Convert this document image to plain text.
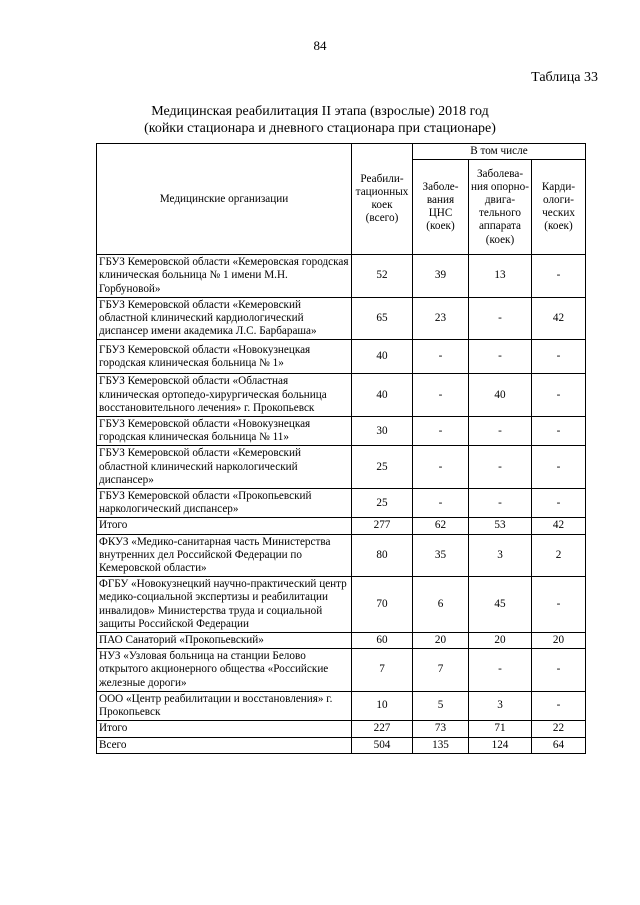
84
Таблица 33
Медицинская реабилитация II этапа (взрослые) 2018 год
(койки стационара и дневного стационара при стационаре)
Медицинские организации	Реабилитационных коек (всего)	В том числе		
		Заболевания ЦНС (коек)	Заболевания опорно-двигательного аппарата (коек)	Кардиологических (коек)
ГБУЗ Кемеровской области «Кемеровская городская клиническая больница № 1 имени М.Н. Горбуновой»	52	39	13	-
ГБУЗ Кемеровской области «Кемеровский областной клинический кардиологический диспансер имени академика Л.С. Барбараша»	65	23	-	42
ГБУЗ Кемеровской области «Новокузнецкая городская клиническая больница № 1»	40	-	-	-
ГБУЗ Кемеровской области «Областная клиническая ортопедо-хирургическая больница восстановительного лечения» г. Прокопьевск	40	-	40	-
ГБУЗ Кемеровской области «Новокузнецкая городская клиническая больница № 11»	30	-	-	-
ГБУЗ Кемеровской области «Кемеровский областной клинический наркологический диспансер»	25	-	-	-
ГБУЗ Кемеровской области «Прокопьевский наркологический диспансер»	25	-	-	-
Итого	277	62	53	42
ФКУЗ «Медико-санитарная часть Министерства внутренних дел Российской Федерации по Кемеровской области»	80	35	3	2
ФГБУ «Новокузнецкий научно-практический центр медико-социальной экспертизы и реабилитации инвалидов» Министерства труда и социальной защиты Российской Федерации	70	6	45	-
ПАО Санаторий «Прокопьевский»	60	20	20	20
НУЗ «Узловая больница на станции Белово открытого акционерного общества «Российские железные дороги»	7	7	-	-
ООО «Центр реабилитации и восстановления» г. Прокопьевск	10	5	3	-
Итого	227	73	71	22
Всего	504	135	124	64
